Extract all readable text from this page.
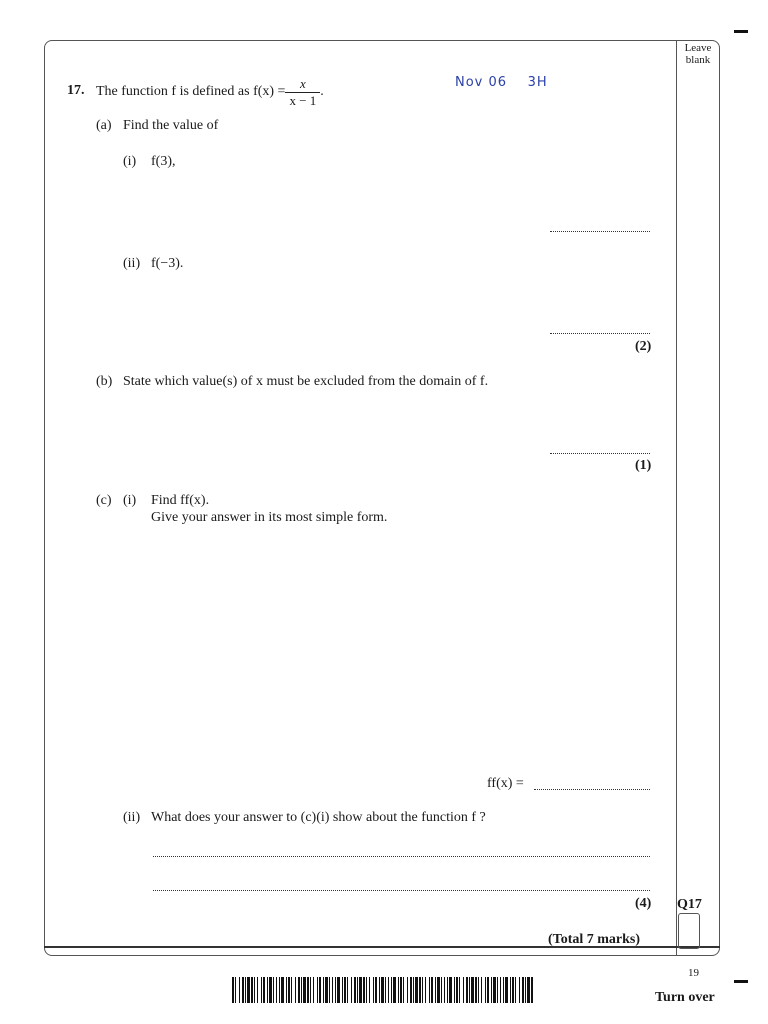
Leave
blank
Nov 06    3H
17. The function f is defined as $f(x) = \frac{x}{x - 1}$ .
(a) Find the value of
(i) f(3),
(ii) f(−3).
(2)
(b) State which value(s) of x must be excluded from the domain of f.
(1)
(c) (i) Find ff(x).
Give your answer in its most simple form.
ff(x) =
(ii) What does your answer to (c)(i) show about the function f ?
(4)
(Total 7 marks)
Q17
19
Turn over
